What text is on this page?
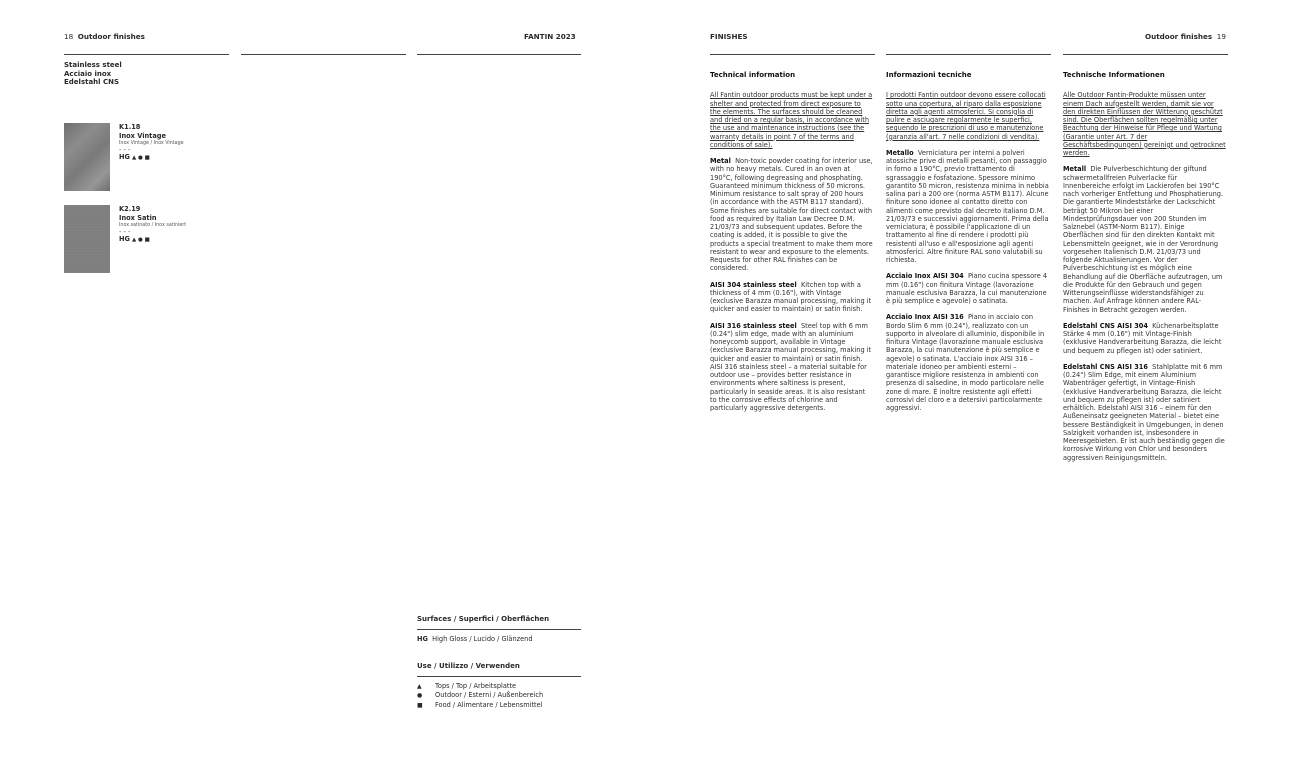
18 Outdoor finishes	FANTIN 2023
Stainless steel
Acciaio inox
Edelstahl CNS
K1.18
Inox Vintage
Inox Vintage / Inox Vintage
- - -
HG ▲ ● ■
K2.19
Inox Satin
Inox satinato / Inox satiniert
- - -
HG ▲ ● ■
Surfaces / Superfici / Oberflächen
HG High Gloss / Lucido / Glänzend
Use / Utilizzo / Verwenden
▲ Tops / Top / Arbeitsplatte
● Outdoor / Esterni / Außenbereich
■ Food / Alimentare / Lebensmittel
FINISHES	Outdoor finishes 19
Technical information

All Fantin outdoor products must be kept under a shelter and protected from direct exposure to the elements. The surfaces should be cleaned and dried on a regular basis, in accordance with the use and maintenance instructions (see the warranty details in point 7 of the terms and conditions of sale).

Metal Non-toxic powder coating for interior use, with no heavy metals. Cured in an oven at 190°C, following degreasing and phosphating. Guaranteed minimum thickness of 50 microns. Minimum resistance to salt spray of 200 hours (in accordance with the ASTM B117 standard). Some finishes are suitable for direct contact with food as required by Italian Law Decree D.M. 21/03/73 and subsequent updates. Before the coating is added, it is possible to give the products a special treatment to make them more resistant to wear and exposure to the elements. Requests for other RAL finishes can be considered.

AISI 304 stainless steel Kitchen top with a thickness of 4 mm (0.16"), with Vintage (exclusive Barazza manual processing, making it quicker and easier to maintain) or satin finish.

AISI 316 stainless steel Steel top with 6 mm (0.24") slim edge, made with an aluminium honeycomb support, available in Vintage (exclusive Barazza manual processing, making it quicker and easier to maintain) or satin finish. AISI 316 stainless steel – a material suitable for outdoor use – provides better resistance in environments where saltiness is present, particularly in seaside areas. It is also resistant to the corrosive effects of chlorine and particularly aggressive detergents.

Informazioni tecniche

I prodotti Fantin outdoor devono essere collocati sotto una copertura, al riparo dalla esposizione diretta agli agenti atmosferici. Si consiglia di pulire e asciugare regolarmente le superfici, seguendo le prescrizioni di uso e manutenzione (garanzia all'art. 7 nelle condizioni di vendita).

Metallo Verniciatura per interni a polveri atossiche prive di metalli pesanti, con passaggio in forno a 190°C, previo trattamento di sgrassaggio e fosfatazione. Spessore minimo garantito 50 micron, resistenza minima in nebbia salina pari a 200 ore (norma ASTM B117). Alcune finiture sono idonee al contatto diretto con alimenti come previsto dal decreto italiano D.M. 21/03/73 e successivi aggiornamenti. Prima della verniciatura, è possibile l'applicazione di un trattamento al fine di rendere i prodotti più resistenti all'uso e all'esposizione agli agenti atmosferici. Altre finiture RAL sono valutabili su richiesta.

Acciaio Inox AISI 304 Piano cucina spessore 4 mm (0.16") con finitura Vintage (lavorazione manuale esclusiva Barazza, la cui manutenzione è più semplice e agevole) o satinata.

Acciaio Inox AISI 316 Piano in acciaio con Bordo Slim 6 mm (0.24"), realizzato con un supporto in alveolare di alluminio, disponibile in finitura Vintage (lavorazione manuale esclusiva Barazza, la cui manutenzione è più semplice e agevole) o satinata. L'acciaio inox AISI 316 – materiale idoneo per ambienti esterni – garantisce migliore resistenza in ambienti con presenza di salsedine, in modo particolare nelle zone di mare. È inoltre resistente agli effetti corrosivi del cloro e a detersivi particolarmente aggressivi.

Technische Informationen

Alle Outdoor Fantin-Produkte müssen unter einem Dach aufgestellt werden, damit sie vor den direkten Einflüssen der Witterung geschützt sind. Die Oberflächen sollten regelmäßig unter Beachtung der Hinweise für Pflege und Wartung (Garantie unter Art. 7 der Geschäftsbedingungen) gereinigt und getrocknet werden.

Metall Die Pulverbeschichtung der giftund schwermetallfreien Pulverlacke für Innenbereiche erfolgt im Lackierofen bei 190°C nach vorheriger Entfettung und Phosphatierung. Die garantierte Mindeststärke der Lackschicht beträgt 50 Mikron bei einer Mindestprüfungsdauer von 200 Stunden im Salznebel (ASTM-Norm B117). Einige Oberflächen sind für den direkten Kontakt mit Lebensmitteln geeignet, wie in der Verordnung vorgesehen Italienisch D.M. 21/03/73 und folgende Aktualisierungen. Vor der Pulverbeschichtung ist es möglich eine Behandlung auf die Oberfläche aufzutragen, um die Produkte für den Gebrauch und gegen Witterungseinflüsse widerstandsfähiger zu machen. Auf Anfrage können andere RAL-Finishes in Betracht gezogen werden.

Edelstahl CNS AISI 304 Küchenarbeitsplatte Stärke 4 mm (0.16") mit Vintage-Finish (exklusive Handverarbeitung Barazza, die leicht und bequem zu pflegen ist) oder satiniert.

Edelstahl CNS AISI 316 Stahlplatte mit 6 mm (0.24") Slim Edge, mit einem Aluminium Wabenträger gefertigt, in Vintage-Finish (exklusive Handverarbeitung Barazza, die leicht und bequem zu pflegen ist) oder satiniert erhältlich. Edelstahl AISI 316 – einem für den Außeneinsatz geeigneten Material – bietet eine bessere Beständigkeit in Umgebungen, in denen Salzigkeit vorhanden ist, insbesondere in Meeresgebieten. Er ist auch beständig gegen die korrosive Wirkung von Chlor und besonders aggressiven Reinigungsmitteln.
